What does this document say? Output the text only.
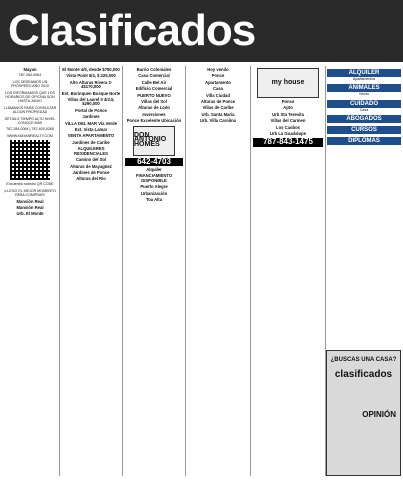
Clasificados
Mayan

787-284-0064

LOS DESEAMOS UN PRÓSPERO AÑO 2010

LOS INFORMAMOS QUE LOS HORARIOS DE OFICINA SON HASTA JUNIO

LLÁMANOS PARA CONSULTAR ALGÚN PROPIEDAD

DETAILS TIEMPO ALTO NIVEL CONOCE MÁS

787-284-0064 | 787-403-0265

WWW.MAYANREALTY.COM

Encuentra nuestro QR CODE

¡LLEGO EL MEJOR MOMENTO PARA COMPRAR!

Mansión Real
Mansión Real
Urb. El Monte
El Monte 4/5, desde $750,000
Vista Point 5/4, $ 225,000
Alto Alturas Rivera 2-4$170,000
Est. Borinquen Bosque Norte
Villas del Laurel II 4/3.5, $290,000
Portal de Ponce
Jardines
VILLA DEL MAR Vía Verde
Ext. Vista Lamar
VENTA APARTAMENTO
Jardines de Caribe
ALQUILERES RESIDENCIALES
Camino del Sol
Alturas de Mayagüez
Jardines de Ponce
Alturas del Río
Barrio Coloniales
Casa Comercial
Calle Bel Air
Edificio Comercial
PUERTO NUEVO
Villas del Sol
Alturas de Lodo
Inversiones
Ponce Excelente Ubicación
DON ANTONIO HOMES
642-4703
Alquiler
FINANCIAMIENTO DISPONIBLE
Puerto Alegre
Urbanización
Toa Alta
Hoy vendo
Ponce
Apartamento
Casa
Villa Ciudad
Alturas de Ponce
Villas de Caribe
Urb. Santa María
Urb. Villa Carolina
my house
Ponce
Apto
Urb Sta Teresita
Villas del Carmen
Los Caobos
Urb La Guadalupe
787-843-1475
ALQUILER

Apartamentos

ANIMALES

Vendo

CUIDADO

Casa

ABOGADOS
CURSOS
DIPLOMAS
¿BUSCAS UNA CASA?
clasificados
OPINIÓN
